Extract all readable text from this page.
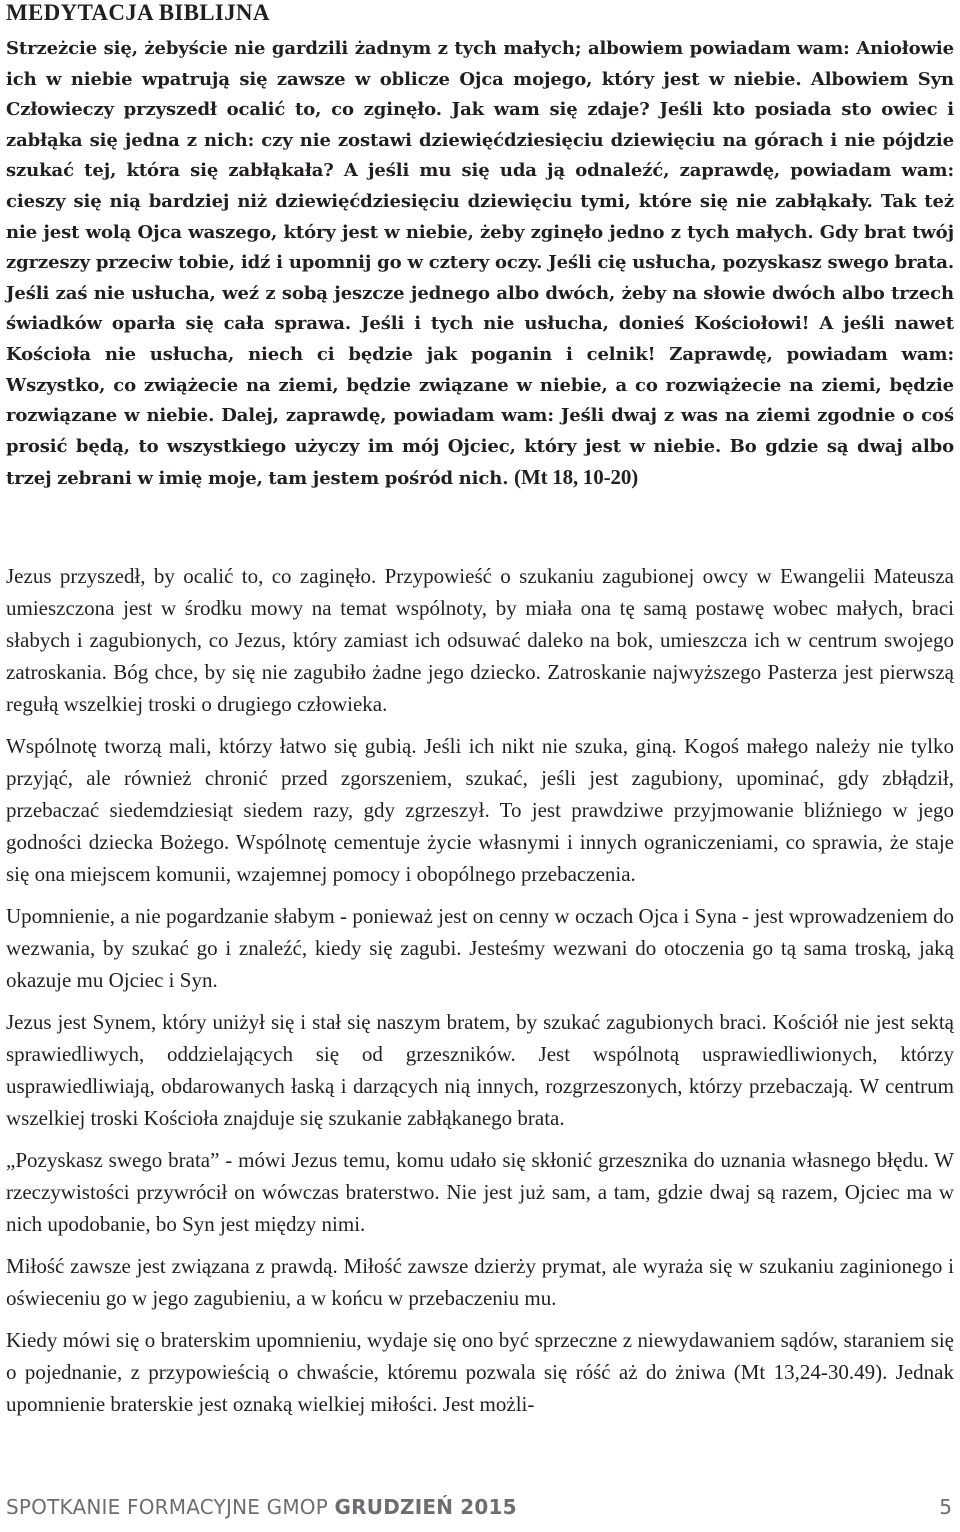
MEDYTACJA BIBLIJNA

Strzeżcie się, żebyście nie gardzili żadnym z tych małych; albowiem powiadam wam: Aniołowie ich w niebie wpatrują się zawsze w oblicze Ojca mojego, który jest w niebie. Albowiem Syn Człowieczy przyszedł ocalić to, co zginęło. Jak wam się zdaje? Jeśli kto posiada sto owiec i zabłąka się jedna z nich: czy nie zostawi dziewięćdziesięciu dziewięciu na górach i nie pójdzie szukać tej, która się zabłąkała? A jeśli mu się uda ją odnaleźć, zaprawdę, powiadam wam: cieszy się nią bardziej niż dziewięćdziesięciu dziewięciu tymi, które się nie zabłąkały. Tak też nie jest wolą Ojca waszego, który jest w niebie, żeby zginęło jedno z tych małych. Gdy brat twój zgrzeszy przeciw tobie, idź i upomnij go w cztery oczy. Jeśli cię usłucha, pozyskasz swego brata. Jeśli zaś nie usłucha, weź z sobą jeszcze jednego albo dwóch, żeby na słowie dwóch albo trzech świadków oparła się cała sprawa. Jeśli i tych nie usłucha, donieś Kościołowi! A jeśli nawet Kościoła nie usłucha, niech ci będzie jak poganin i celnik! Zaprawdę, powiadam wam: Wszystko, co zwiążecie na ziemi, będzie związane w niebie, a co rozwiążecie na ziemi, będzie rozwiązane w niebie. Dalej, zaprawdę, powiadam wam: Jeśli dwaj z was na ziemi zgodnie o coś prosić będą, to wszystkiego użyczy im mój Ojciec, który jest w niebie. Bo gdzie są dwaj albo trzej zebrani w imię moje, tam jestem pośród nich. (Mt 18, 10-20)

Jezus przyszedł, by ocalić to, co zaginęło. Przypowieść o szukaniu zagubionej owcy w Ewangelii Mateusza umieszczona jest w środku mowy na temat wspólnoty, by miała ona tę samą postawę wobec małych, braci słabych i zagubionych, co Jezus, który zamiast ich odsuwać daleko na bok, umieszcza ich w centrum swojego zatroskania. Bóg chce, by się nie zagubiło żadne jego dziecko. Zatroskanie najwyższego Pasterza jest pierwszą regułą wszelkiej troski o drugiego człowieka.

Wspólnotę tworzą mali, którzy łatwo się gubią. Jeśli ich nikt nie szuka, giną. Kogoś małego należy nie tylko przyjąć, ale również chronić przed zgorszeniem, szukać, jeśli jest zagubiony, upominać, gdy zbłądził, przebaczać siedemdziesiąt siedem razy, gdy zgrzeszył. To jest prawdziwe przyjmowanie bliźniego w jego godności dziecka Bożego. Wspólnotę cementuje życie własnymi i innych ograniczeniami, co sprawia, że staje się ona miejscem komunii, wzajemnej pomocy i obopólnego przebaczenia.

Upomnienie, a nie pogardzanie słabym - ponieważ jest on cenny w oczach Ojca i Syna - jest wprowadzeniem do wezwania, by szukać go i znaleźć, kiedy się zagubi. Jesteśmy wezwani do otoczenia go tą sama troską, jaką okazuje mu Ojciec i Syn.

Jezus jest Synem, który uniżył się i stał się naszym bratem, by szukać zagubionych braci. Kościół nie jest sektą sprawiedliwych, oddzielających się od grzeszników. Jest wspólnotą usprawiedliwionych, którzy usprawiedliwiają, obdarowanych łaską i darzących nią innych, rozgrzeszonych, którzy przebaczają. W centrum wszelkiej troski Kościoła znajduje się szukanie zabłąkanego brata.

„Pozyskasz swego brata” - mówi Jezus temu, komu udało się skłonić grzesznika do uznania własnego błędu. W rzeczywistości przywrócił on wówczas braterstwo. Nie jest już sam, a tam, gdzie dwaj są razem, Ojciec ma w nich upodobanie, bo Syn jest między nimi.

Miłość zawsze jest związana z prawdą. Miłość zawsze dzierży prymat, ale wyraża się w szukaniu zaginionego i oświeceniu go w jego zagubieniu, a w końcu w przebaczeniu mu.

Kiedy mówi się o braterskim upomnieniu, wydaje się ono być sprzeczne z niewydawaniem sądów, staraniem się o pojednanie, z przypowieścią o chwaście, któremu pozwala się róść aż do żniwa (Mt 13,24-30.49). Jednak upomnienie braterskie jest oznaką wielkiej miłości. Jest możli-

SPOTKANIE FORMACYJNE GMOP GRUDZIEŃ 2015	5
